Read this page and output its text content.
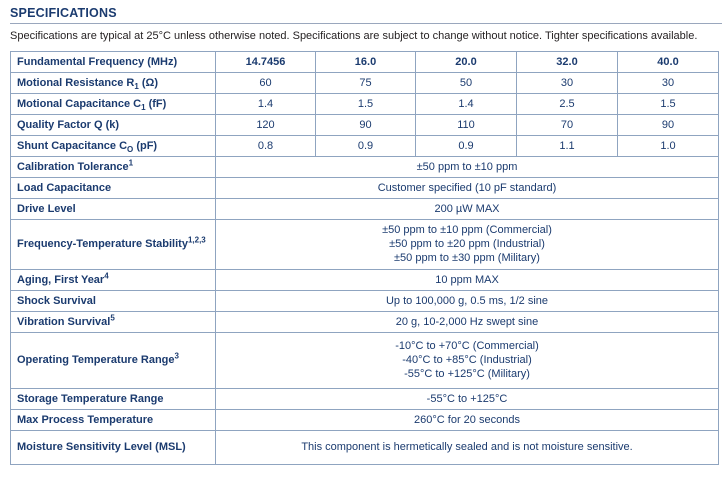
SPECIFICATIONS
Specifications are typical at 25°C unless otherwise noted. Specifications are subject to change without notice. Tighter specifications available.
Fundamental Frequency (MHz)	14.7456	16.0	20.0	32.0	40.0
Motional Resistance $R_1$ (Ω)	60	75	50	30	30
Motional Capacitance $C_1$ (fF)	1.4	1.5	1.4	2.5	1.5
Quality Factor Q (k)	120	90	110	70	90
Shunt Capacitance $C_O$ (pF)	0.8	0.9	0.9	1.1	1.0
Calibration Tolerance$^1$	±50 ppm to ±10 ppm				
Load Capacitance	Customer specified (10 pF standard)				
Drive Level	200 µW MAX				
Frequency-Temperature Stability$^{1,2,3}$	±50 ppm to ±10 ppm (Commercial)
±50 ppm to ±20 ppm (Industrial)
±50 ppm to ±30 ppm (Military)				

Aging, First Year$^4$	10 ppm MAX				
Shock Survival	Up to 100,000 g, 0.5 ms, 1/2 sine				
Vibration Survival$^5$	20 g, 10-2,000 Hz swept sine				
Operating Temperature Range$^3$	-10°C to +70°C (Commercial)
-40°C to +85°C (Industrial)
-55°C to +125°C (Military)				

Storage Temperature Range	-55°C to +125°C				
Max Process Temperature	260°C for 20 seconds				
Moisture Sensitivity Level (MSL)	This component is hermetically sealed and is not moisture sensitive.				
